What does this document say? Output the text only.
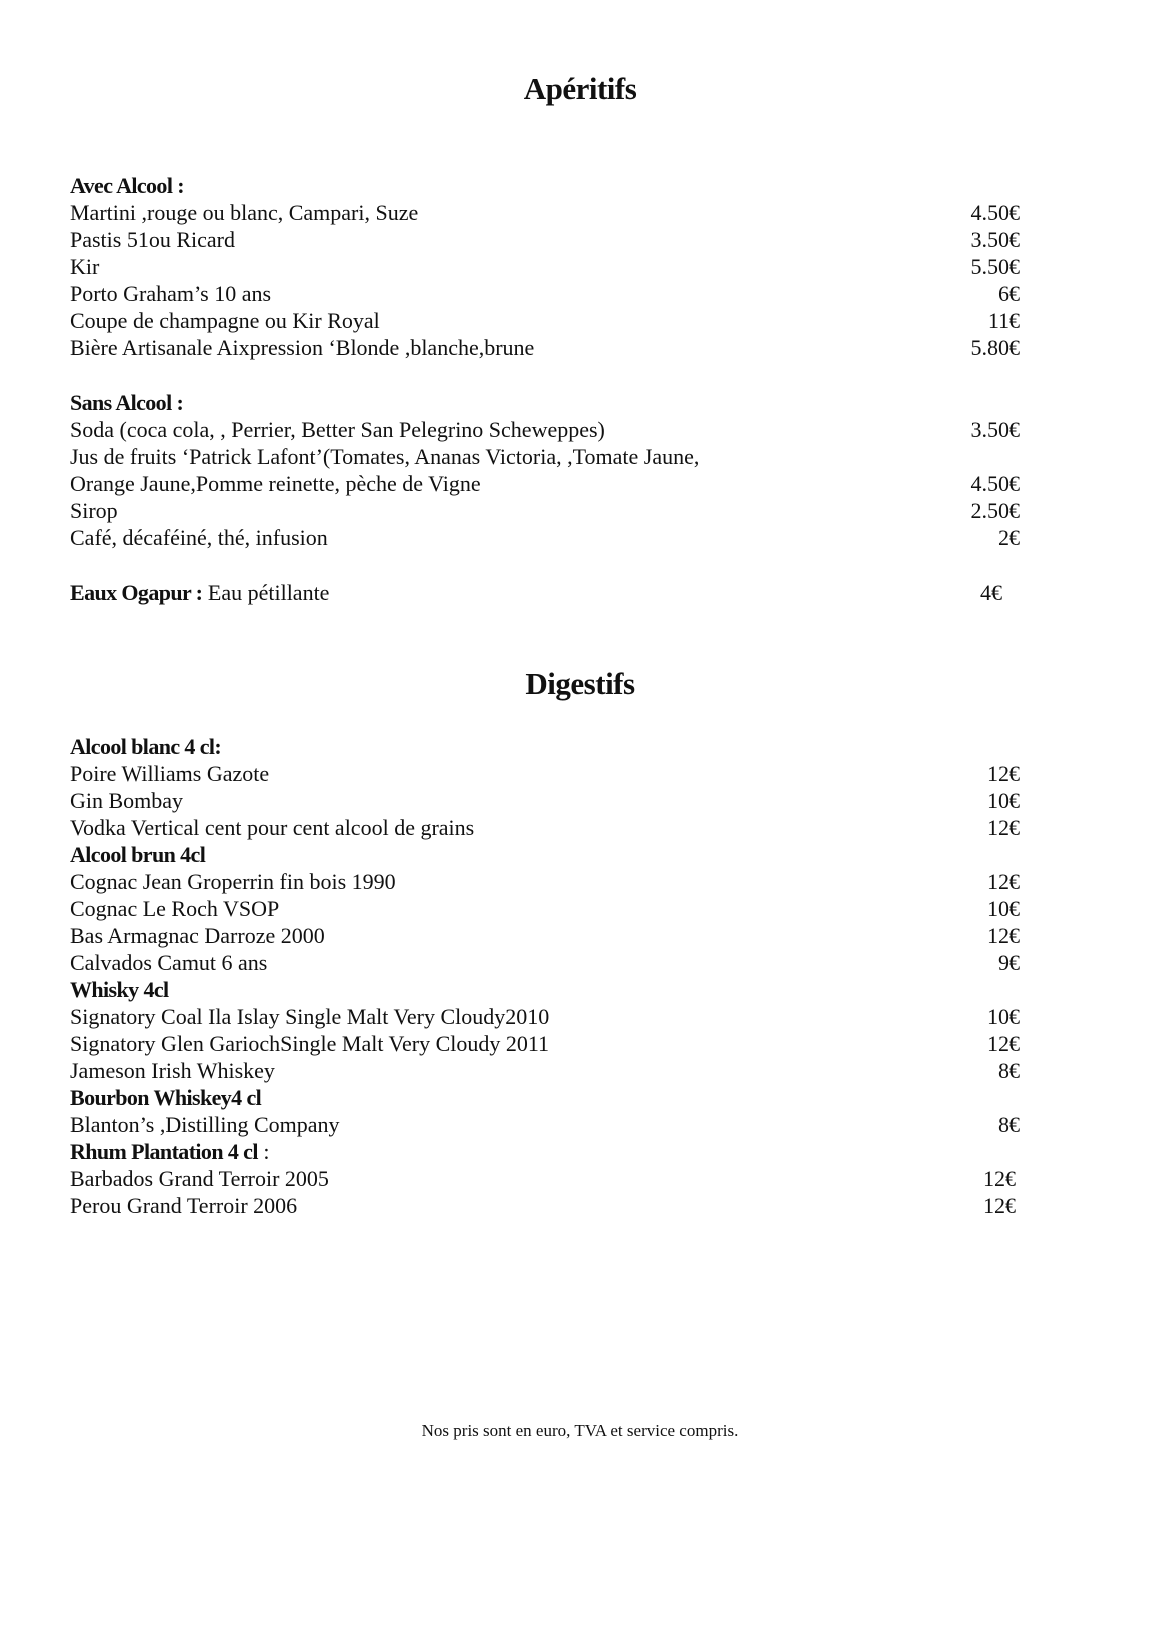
Apéritifs
Avec Alcool :
Martini ,rouge ou blanc, Campari, Suze	4.50€
Pastis 51ou Ricard	3.50€
Kir	5.50€
Porto Graham’s 10 ans	6€
Coupe de champagne ou Kir Royal	11€
Bière Artisanale Aixpression ‘Blonde ,blanche,brune	5.80€
Sans Alcool :
Soda (coca cola, , Perrier, Better San Pelegrino Scheweppes)	3.50€
Jus de fruits ‘Patrick Lafont’(Tomates, Ananas Victoria, ,Tomate Jaune,
Orange Jaune,Pomme reinette, pèche de Vigne	4.50€
Sirop	2.50€
Café, décaféiné, thé, infusion	2€
Eaux Ogapur : Eau pétillante	4€
Digestifs
Alcool blanc 4 cl:
Poire Williams Gazote	12€
Gin Bombay	10€
Vodka Vertical cent pour cent alcool de grains	12€
Alcool brun 4cl
Cognac Jean Groperrin fin bois 1990	12€
Cognac Le Roch VSOP	10€
Bas Armagnac Darroze 2000	12€
Calvados Camut 6 ans	9€
Whisky 4cl
Signatory Coal Ila Islay Single Malt Very Cloudy2010	10€
Signatory Glen GariochSingle Malt Very Cloudy 2011	12€
Jameson Irish Whiskey	8€
Bourbon Whiskey4 cl
Blanton’s ,Distilling Company	8€
Rhum Plantation 4 cl :
Barbados Grand Terroir 2005	12€
Perou Grand Terroir 2006	12€
Nos pris sont en euro, TVA et service compris.
